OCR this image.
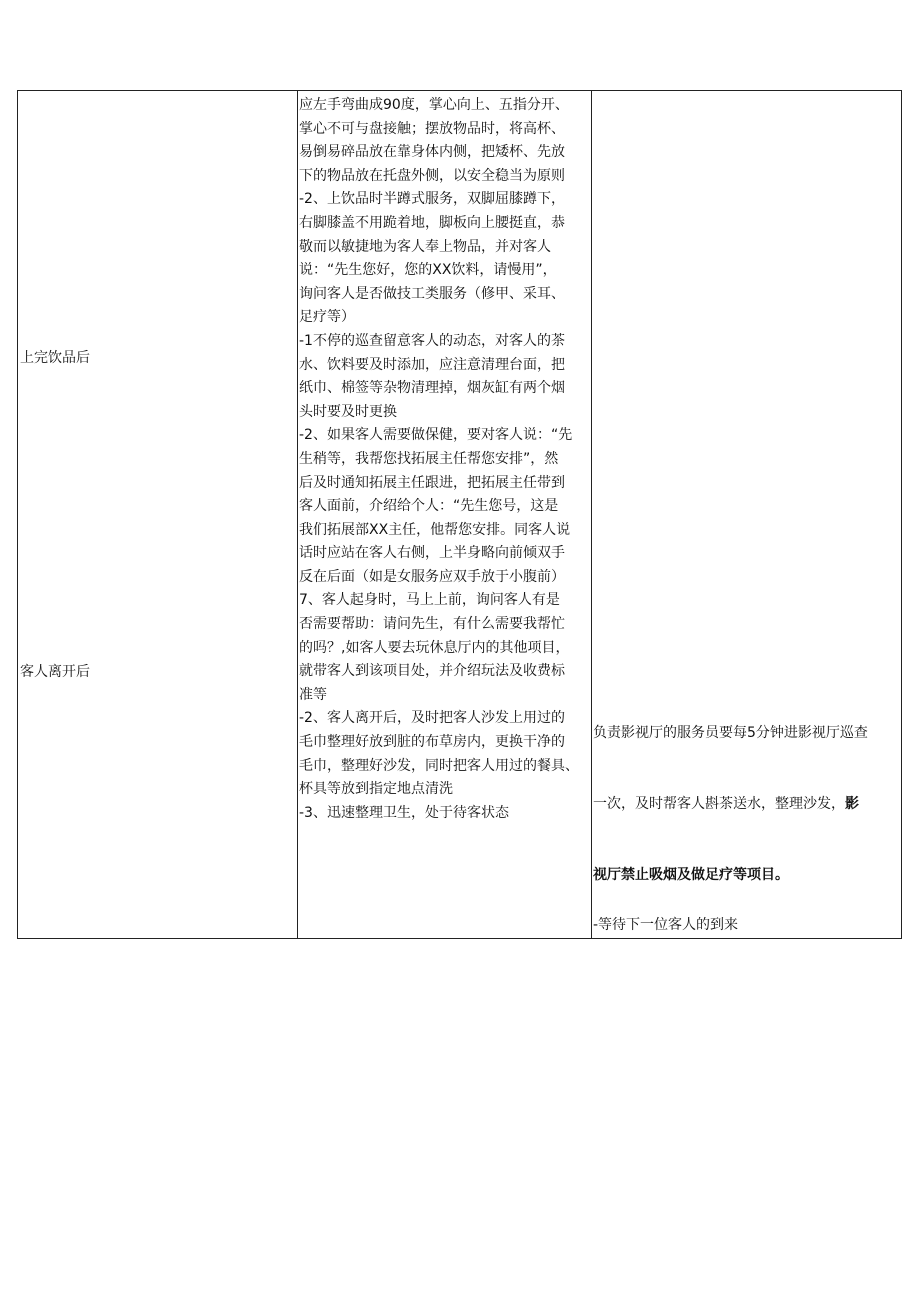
上完饮品后
客人离开后
应左手弯曲成90度，掌心向上、五指分开、
掌心不可与盘接触；摆放物品时，将高杯、
易倒易碎品放在靠身体内侧，把矮杯、先放
下的物品放在托盘外侧，以安全稳当为原则
-2、上饮品时半蹲式服务，双脚屈膝蹲下，
右脚膝盖不用跪着地，脚板向上腰挺直，恭
敬而以敏捷地为客人奉上物品，并对客人
说：“先生您好，您的XX饮料，请慢用”，
询问客人是否做技工类服务（修甲、采耳、
足疗等）
-1不停的巡查留意客人的动态，对客人的茶
水、饮料要及时添加，应注意清理台面，把
纸巾、棉签等杂物清理掉，烟灰缸有两个烟
头时要及时更换
-2、如果客人需要做保健，要对客人说：“先
生稍等，我帮您找拓展主任帮您安排”，然
后及时通知拓展主任跟进，把拓展主任带到
客人面前，介绍给个人：“先生您号，这是
我们拓展部XX主任，他帮您安排。同客人说
话时应站在客人右侧，上半身略向前倾双手
反在后面（如是女服务应双手放于小腹前）
7、客人起身时，马上上前，询问客人有是
否需要帮助：请问先生，有什么需要我帮忙
的吗？,如客人要去玩休息厅内的其他项目，
就带客人到该项目处，并介绍玩法及收费标
准等
-2、客人离开后，及时把客人沙发上用过的
毛巾整理好放到脏的布草房内，更换干净的
毛巾，整理好沙发，同时把客人用过的餐具、
杯具等放到指定地点清洗
-3、迅速整理卫生，处于待客状态

负责影视厅的服务员要每5分钟进影视厅巡查

一次，及时帮客人斟茶送水，整理沙发，影

视厅禁止吸烟及做足疗等项目。

-等待下一位客人的到来
